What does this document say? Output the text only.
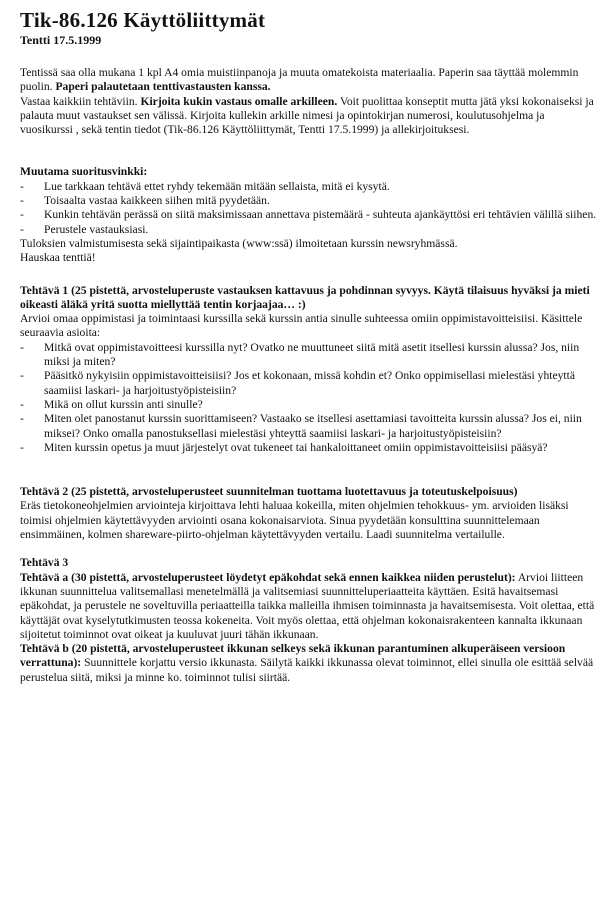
Tik-86.126 Käyttöliittymät
Tentti 17.5.1999

Tentissä saa olla mukana 1 kpl A4 omia muistiinpanoja ja muuta omatekoista materiaalia. Paperin saa täyttää molemmin puolin. Paperi palautetaan tenttivastausten kanssa.

Vastaa kaikkiin tehtäviin. Kirjoita kukin vastaus omalle arkilleen. Voit puolittaa konseptit mutta jätä yksi kokonaiseksi ja palauta muut vastaukset sen välissä. Kirjoita kullekin arkille nimesi ja opintokirjan numerosi, koulutusohjelma ja vuosikurssi , sekä tentin tiedot (Tik-86.126 Käyttöliittymät, Tentti 17.5.1999) ja allekirjoituksesi.

Muutama suoritusvinkki:

- Lue tarkkaan tehtävä ettet ryhdy tekemään mitään sellaista, mitä ei kysytä.
- Toisaalta vastaa kaikkeen siihen mitä pyydetään.
- Kunkin tehtävän perässä on siitä maksimissaan annettava pistemäärä - suhteuta ajankäyttösi eri tehtävien välillä siihen.
- Perustele vastauksiasi.

Tuloksien valmistumisesta sekä sijaintipaikasta (www:ssä) ilmoitetaan kurssin newsryhmässä.

Hauskaa tenttiä!

Tehtävä 1 (25 pistettä, arvosteluperuste vastauksen kattavuus ja pohdinnan syvyys. Käytä tilaisuus hyväksi ja mieti oikeasti äläkä yritä suotta miellyttää tentin korjaajaa… :)

Arvioi omaa oppimistasi ja toimintaasi kurssilla sekä kurssin antia sinulle suhteessa omiin oppimistavoitteisiisi. Käsittele seuraavia asioita:

- Mitkä ovat oppimistavoitteesi kurssilla nyt? Ovatko ne muuttuneet siitä mitä asetit itsellesi kurssin alussa? Jos, niin miksi ja miten?
- Pääsitkö nykyisiin oppimistavoitteisiisi? Jos et kokonaan, missä kohdin et? Onko oppimisellasi mielestäsi yhteyttä saamiisi laskari- ja harjoitustyöpisteisiin?
- Mikä on ollut kurssin anti sinulle?
- Miten olet panostanut kurssin suorittamiseen? Vastaako se itsellesi asettamiasi tavoitteita kurssin alussa? Jos ei, niin miksei? Onko omalla panostuksellasi mielestäsi yhteyttä saamiisi laskari- ja harjoitustyöpisteisiin?
- Miten kurssin opetus ja muut järjestelyt ovat tukeneet tai hankaloittaneet omiin oppimistavoitteisiisi pääsyä?

Tehtävä 2 (25 pistettä, arvosteluperusteet suunnitelman tuottama luotettavuus ja toteutuskelpoisuus)

Eräs tietokoneohjelmien arviointeja kirjoittava lehti haluaa kokeilla, miten ohjelmien tehokkuus- ym. arvioiden lisäksi toimisi ohjelmien käytettävyyden arviointi osana kokonaisarviota. Sinua pyydetään konsulttina suunnittelemaan ensimmäinen, kolmen shareware-piirto-ohjelman käytettävyyden vertailu. Laadi suunnitelma vertailulle.

Tehtävä 3

Tehtävä a (30 pistettä, arvosteluperusteet löydetyt epäkohdat sekä ennen kaikkea niiden perustelut): Arvioi liitteen ikkunan suunnittelua valitsemallasi menetelmällä ja valitsemiasi suunnitteluperiaatteita käyttäen. Esitä havaitsemasi epäkohdat, ja perustele ne soveltuvilla periaatteilla taikka malleilla ihmisen toiminnasta ja havaitsemisesta. Voit olettaa, että käyttäjät ovat kyselytutkimusten teossa kokeneita. Voit myös olettaa, että ohjelman kokonaisrakenteen kannalta ikkunaan sijoitetut toiminnot ovat oikeat ja kuuluvat juuri tähän ikkunaan.

Tehtävä b (20 pistettä, arvosteluperusteet ikkunan selkeys sekä ikkunan parantuminen alkuperäiseen versioon verrattuna): Suunnittele korjattu versio ikkunasta. Säilytä kaikki ikkunassa olevat toiminnot, ellei sinulla ole esittää selvää perustelua siitä, miksi ja minne ko. toiminnot tulisi siirtää.
